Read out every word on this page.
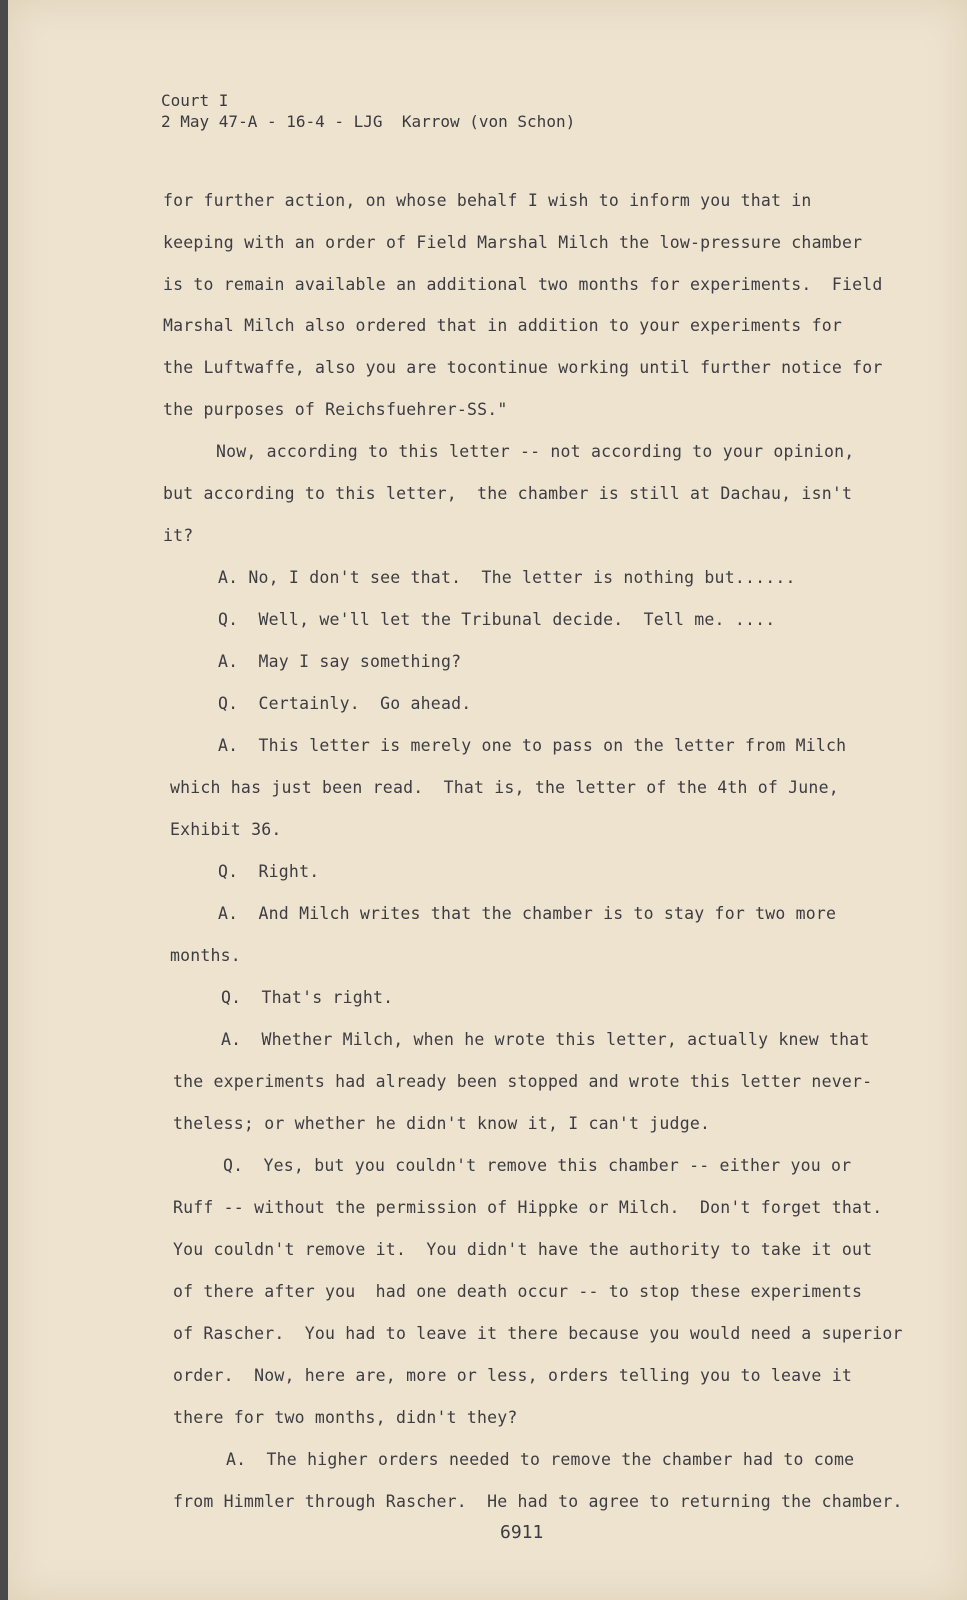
Court I
2 May 47-A - 16-4 - LJG  Karrow (von Schon)
for further action, on whose behalf I wish to inform you that in
keeping with an order of Field Marshal Milch the low-pressure chamber
is to remain available an additional two months for experiments.  Field
Marshal Milch also ordered that in addition to your experiments for
the Luftwaffe, also you are tocontinue working until further notice for
the purposes of Reichsfuehrer-SS."
Now, according to this letter -- not according to your opinion,
but according to this letter,  the chamber is still at Dachau, isn't
it?
A. No, I don't see that.  The letter is nothing but......
Q.  Well, we'll let the Tribunal decide.  Tell me. ....
A.  May I say something?
Q.  Certainly.  Go ahead.
A.  This letter is merely one to pass on the letter from Milch
which has just been read.  That is, the letter of the 4th of June,
Exhibit 36.
Q.  Right.
A.  And Milch writes that the chamber is to stay for two more
months.
Q.  That's right.
A.  Whether Milch, when he wrote this letter, actually knew that
the experiments had already been stopped and wrote this letter never-
theless; or whether he didn't know it, I can't judge.
Q.  Yes, but you couldn't remove this chamber -- either you or
Ruff -- without the permission of Hippke or Milch.  Don't forget that.
You couldn't remove it.  You didn't have the authority to take it out
of there after you  had one death occur -- to stop these experiments
of Rascher.  You had to leave it there because you would need a superior
order.  Now, here are, more or less, orders telling you to leave it
there for two months, didn't they?
A.  The higher orders needed to remove the chamber had to come
from Himmler through Rascher.  He had to agree to returning the chamber.
6911
